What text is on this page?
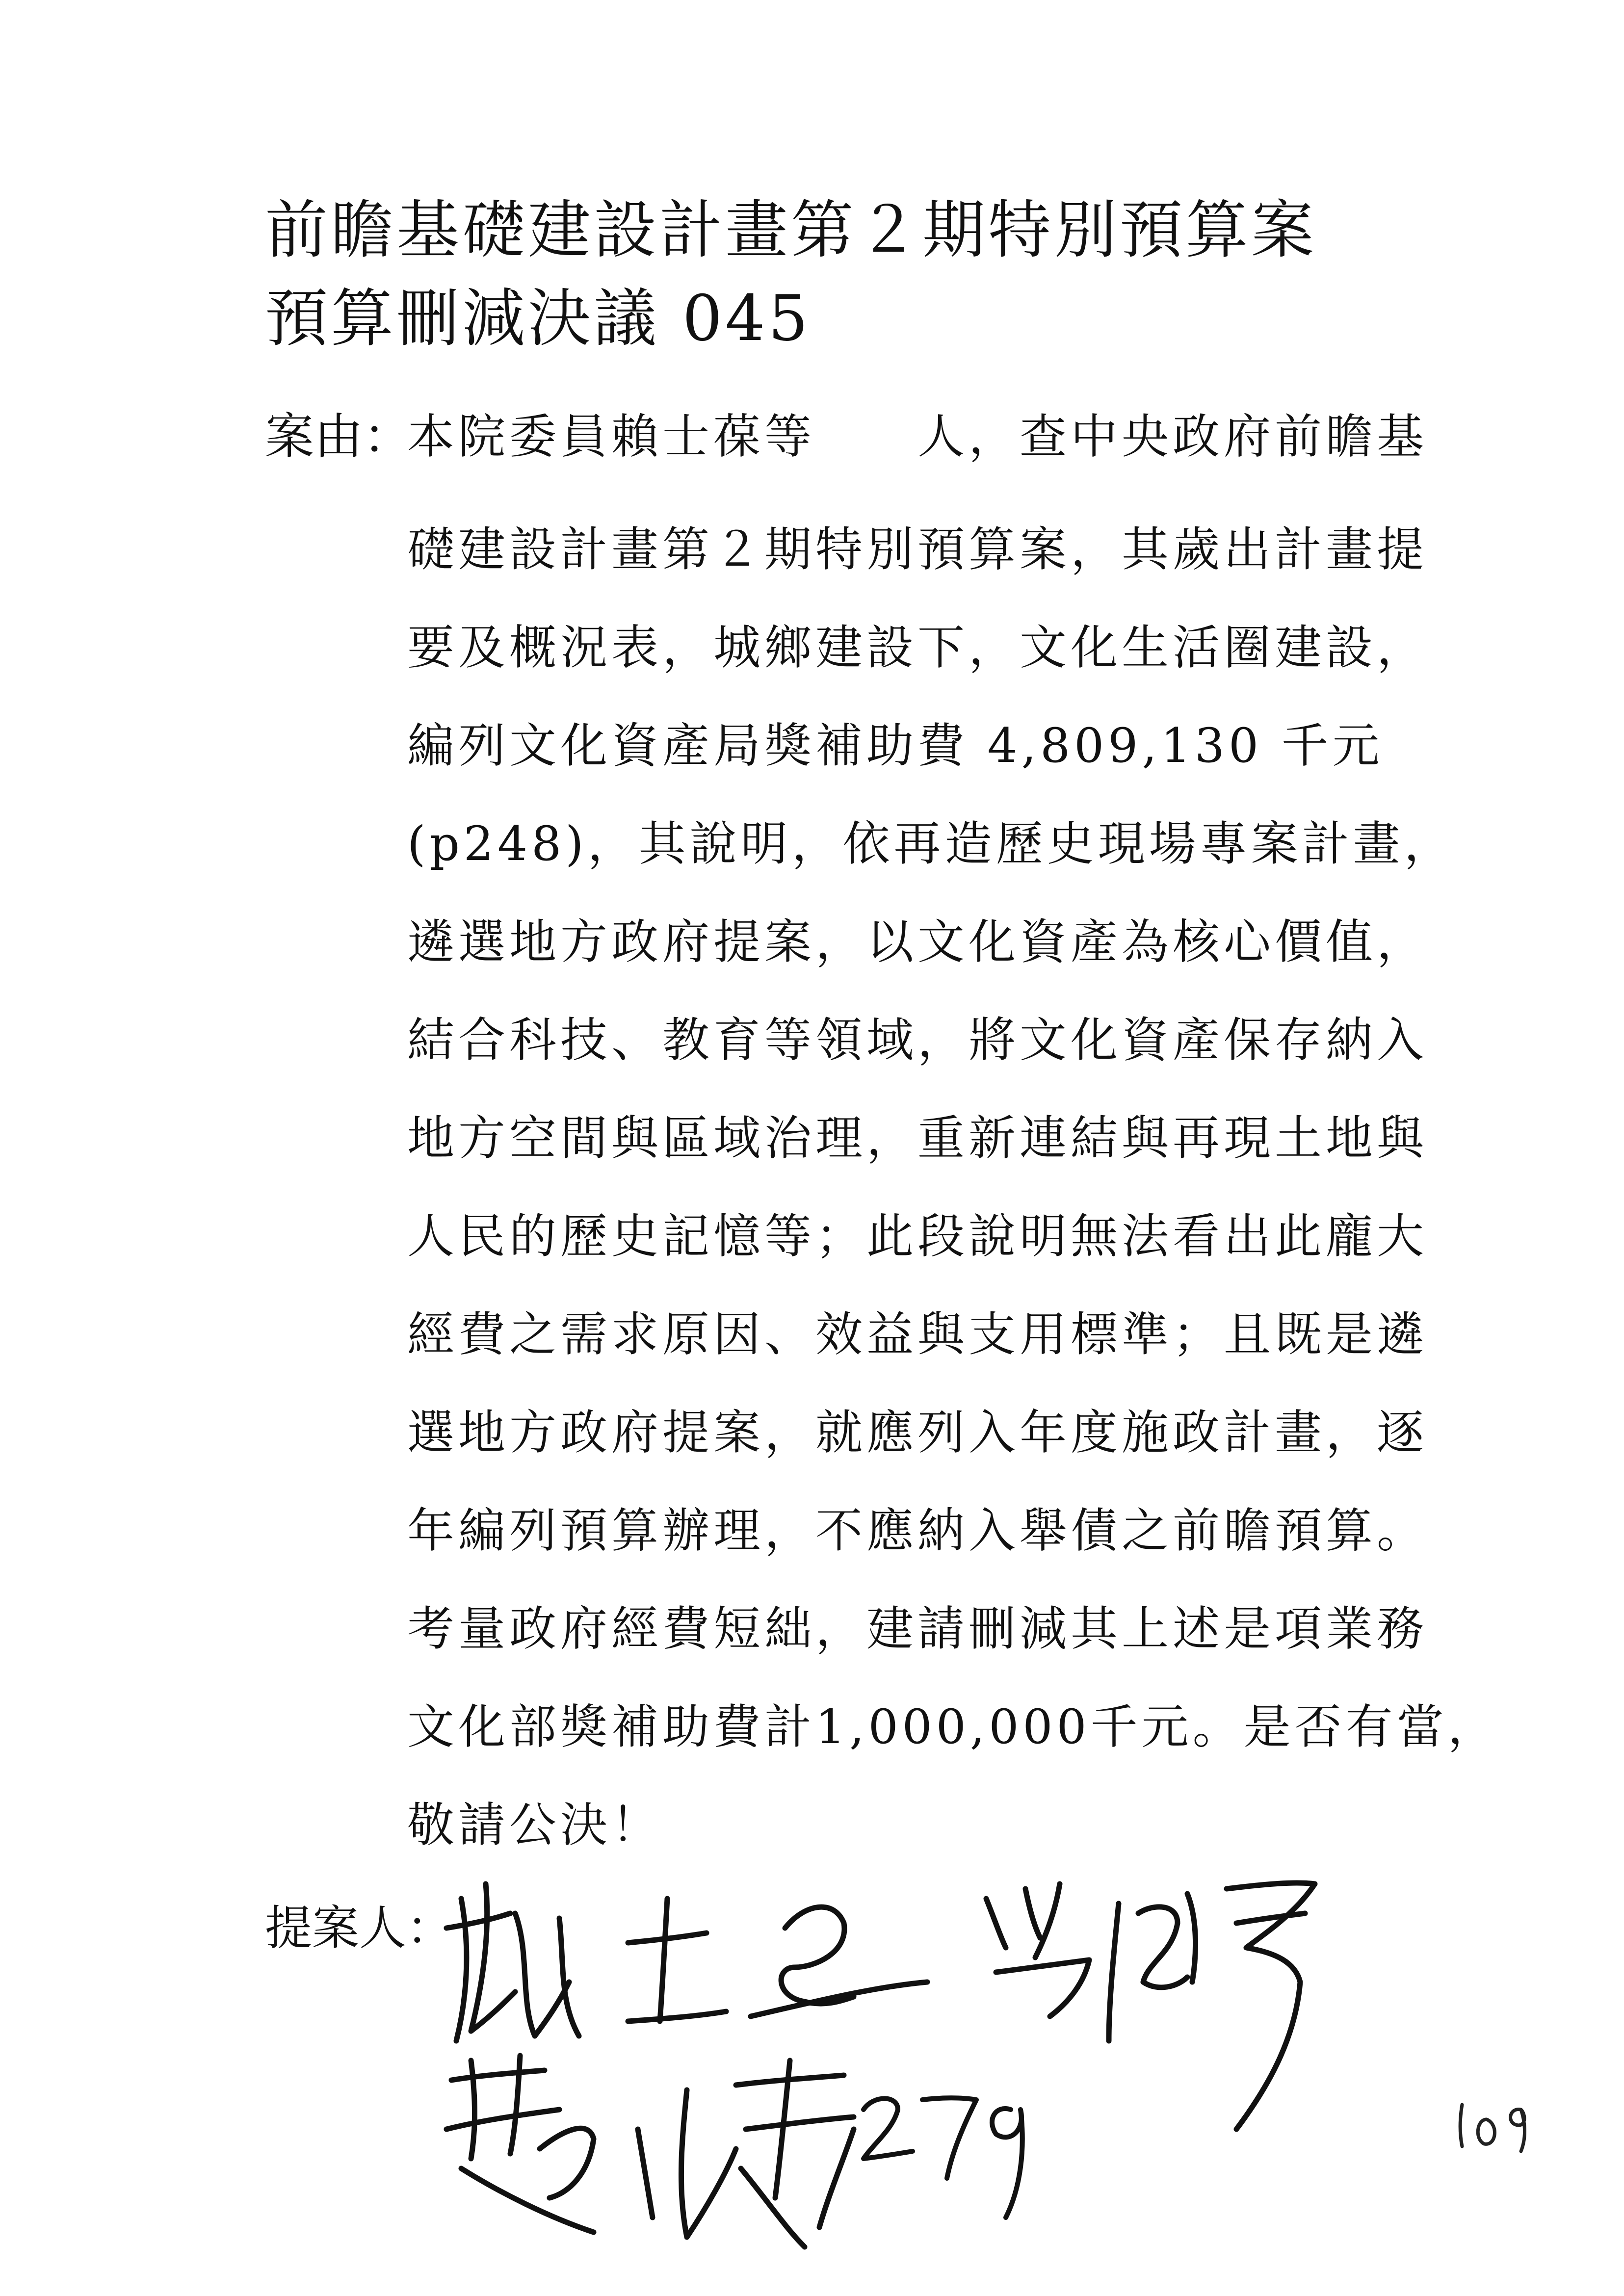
前瞻基礎建設計畫第２期特別預算案
預算刪減決議 045
案由：
本院委員賴士葆等　　人，查中央政府前瞻基
礎建設計畫第２期特別預算案，其歲出計畫提
要及概況表，城鄉建設下，文化生活圈建設，
編列文化資產局獎補助費 4,809,130 千元
(p248)，其說明，依再造歷史現場專案計畫，
遴選地方政府提案，以文化資產為核心價值，
結合科技、教育等領域，將文化資產保存納入
地方空間與區域治理，重新連結與再現土地與
人民的歷史記憶等；此段說明無法看出此龐大
經費之需求原因、效益與支用標準；且既是遴
選地方政府提案，就應列入年度施政計畫，逐
年編列預算辦理，不應納入舉債之前瞻預算。
考量政府經費短絀，建請刪減其上述是項業務
文化部獎補助費計1,000,000千元。是否有當，
敬請公決！
提案人：
